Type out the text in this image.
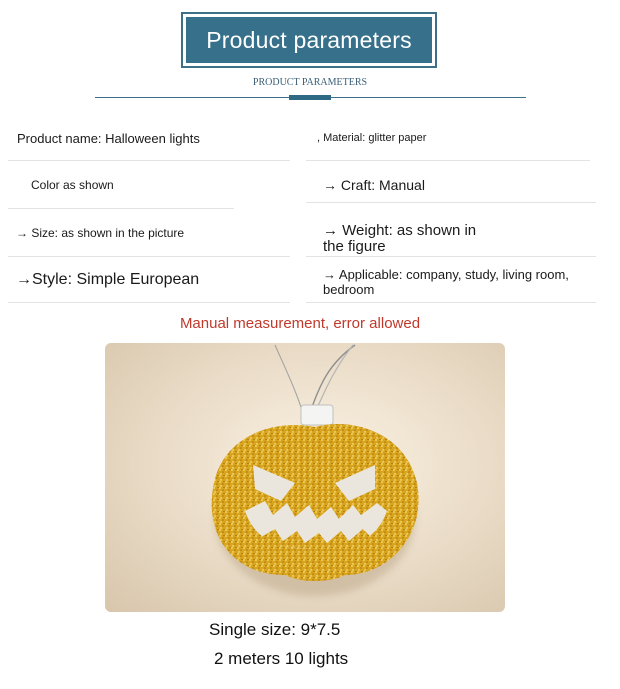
Product parameters
PRODUCT PARAMETERS
Product name: Halloween lights	, Material: glitter paper
Color as shown	→ Craft: Manual
→ Size: as shown in the picture	→ Weight: as shown in
the figure
→Style: Simple European	→ Applicable: company, study, living room,
bedroom
Manual measurement, error allowed
Single size: 9*7.5
2 meters 10 lights
